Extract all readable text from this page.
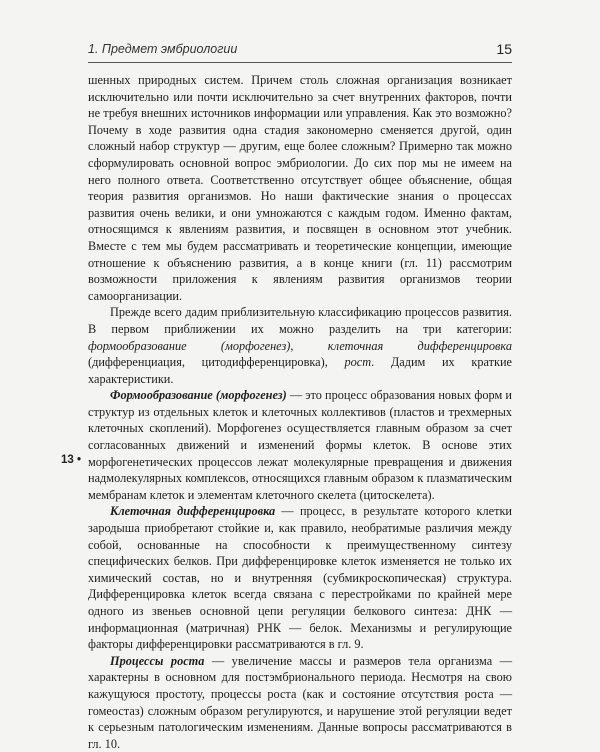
1. Предмет эмбриологии	15
13 •

шенных природных систем. Причем столь сложная организация возникает исключительно или почти исключительно за счет внутренних факторов, почти не требуя внешних источников информации или управления. Как это возможно? Почему в ходе развития одна стадия закономерно сменяется другой, один сложный набор структур — другим, еще более сложным? Примерно так можно сформулировать основной вопрос эмбриологии. До сих пор мы не имеем на него полного ответа. Соответственно отсутствует общее объяснение, общая теория развития организмов. Но наши фактические знания о процессах развития очень велики, и они умножаются с каждым годом. Именно фактам, относящимся к явлениям развития, и посвящен в основном этот учебник. Вместе с тем мы будем рассматривать и теоретические концепции, имеющие отношение к объяснению развития, а в конце книги (гл. 11) рассмотрим возможности приложения к явлениям развития организмов теории самоорганизации.

Прежде всего дадим приблизительную классификацию процессов развития. В первом приближении их можно разделить на три категории: формообразование (морфогенез), клеточная дифференцировка (дифференциация, цитодифференцировка), рост. Дадим их краткие характеристики.

Формообразование (морфогенез) — это процесс образования новых форм и структур из отдельных клеток и клеточных коллективов (пластов и трехмерных клеточных скоплений). Морфогенез осуществляется главным образом за счет согласованных движений и изменений формы клеток. В основе этих морфогенетических процессов лежат молекулярные превращения и движения надмолекулярных комплексов, относящихся главным образом к плазматическим мембранам клеток и элементам клеточного скелета (цитоскелета).

Клеточная дифференцировка — процесс, в результате которого клетки зародыша приобретают стойкие и, как правило, необратимые различия между собой, основанные на способности к преимущественному синтезу специфических белков. При дифференцировке клеток изменяется не только их химический состав, но и внутренняя (субмикроскопическая) структура. Дифференцировка клеток всегда связана с перестройками по крайней мере одного из звеньев основной цепи регуляции белкового синтеза: ДНК — информационная (матричная) РНК — белок. Механизмы и регулирующие факторы дифференцировки рассматриваются в гл. 9.

Процессы роста — увеличение массы и размеров тела организма — характерны в основном для постэмбрионального периода. Несмотря на свою кажущуюся простоту, процессы роста (как и состояние отсутствия роста — гомеостаз) сложным образом регулируются, и нарушение этой регуляции ведет к серьезным патологическим изменениям. Данные вопросы рассматриваются в гл. 10.
